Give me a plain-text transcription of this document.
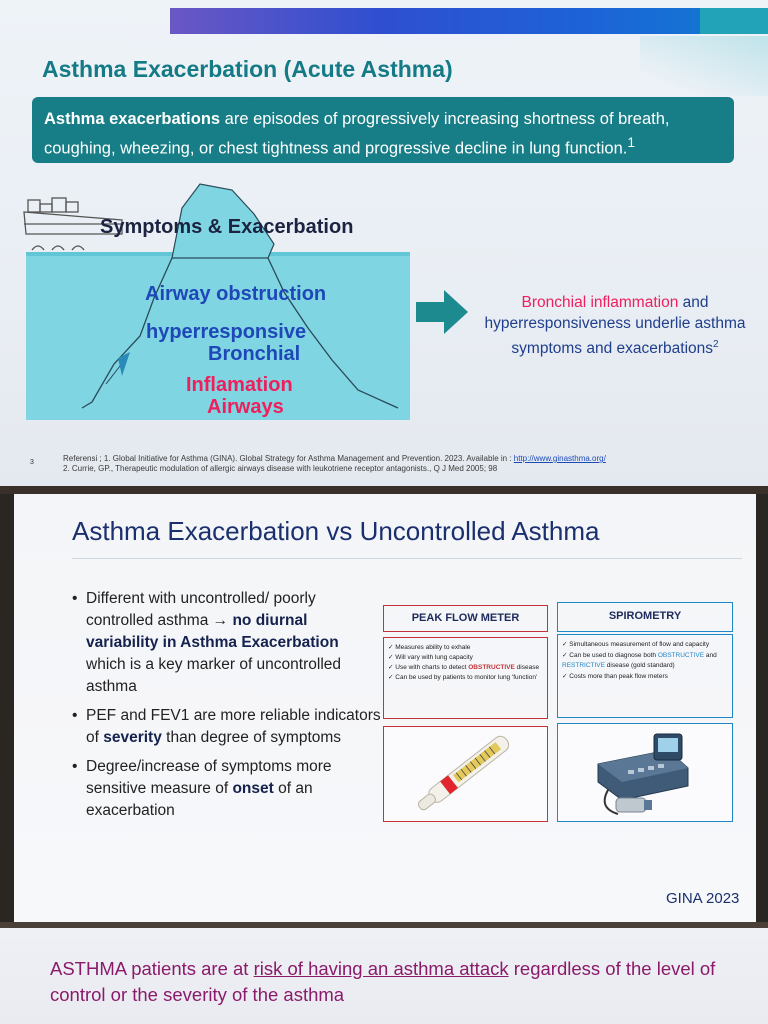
Asthma Exacerbation (Acute Asthma)
Asthma exacerbations are episodes of progressively increasing shortness of breath, coughing, wheezing, or chest tightness and progressive decline in lung function.$^1$
Symptoms & Exacerbation
Airway obstruction
hyperresponsive
Bronchial
Inflamation
Airways
Bronchial inflammation and hyperresponsiveness underlie asthma symptoms and exacerbations$^2$
3	Referensi ; 1. Global Initiative for Asthma (GINA). Global Strategy for Asthma Management and Prevention. 2023. Available in : http://www.ginasthma.org/
2. Currie, GP., Therapeutic modulation of allergic airways disease with leukotriene receptor antagonists., Q J Med 2005; 98
Asthma Exacerbation vs Uncontrolled Asthma
• Different with uncontrolled/ poorly controlled asthma → no diurnal variability in Asthma Exacerbation which is a key marker of uncontrolled asthma
• PEF and FEV1 are more reliable indicators of severity than degree of symptoms
• Degree/increase of symptoms more sensitive measure of onset of an exacerbation
PEAK FLOW METER	SPIROMETRY
✓ Measures ability to exhale
✓ Will vary with lung capacity
✓ Use with charts to detect OBSTRUCTIVE disease
✓ Can be used by patients to monitor lung 'function'
✓ Simultaneous measurement of flow and capacity
✓ Can be used to diagnose both OBSTRUCTIVE and RESTRICTIVE disease (gold standard)
✓ Costs more than peak flow meters
GINA 2023
ASTHMA patients are at risk of having an asthma attack regardless of the level of control or the severity of the asthma
